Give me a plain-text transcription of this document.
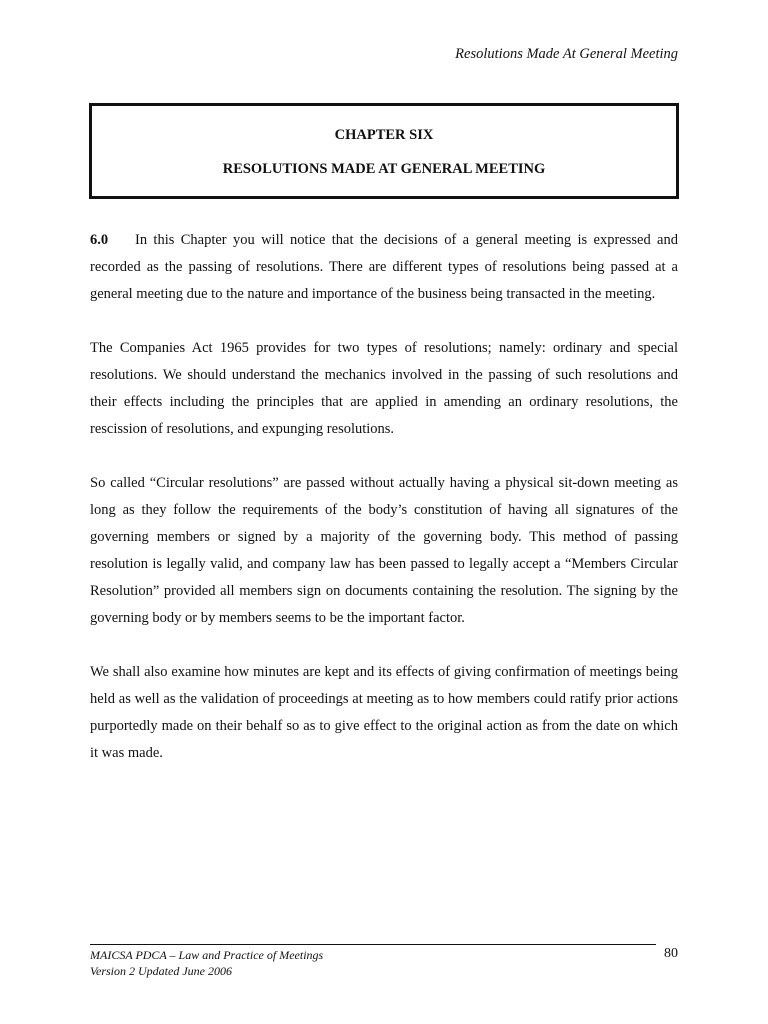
Resolutions Made At General Meeting
CHAPTER SIX
RESOLUTIONS MADE AT GENERAL MEETING

6.0 In this Chapter you will notice that the decisions of a general meeting is expressed and recorded as the passing of resolutions. There are different types of resolutions being passed at a general meeting due to the nature and importance of the business being transacted in the meeting.

The Companies Act 1965 provides for two types of resolutions; namely: ordinary and special resolutions. We should understand the mechanics involved in the passing of such resolutions and their effects including the principles that are applied in amending an ordinary resolutions, the rescission of resolutions, and expunging resolutions.

So called “Circular resolutions” are passed without actually having a physical sit-down meeting as long as they follow the requirements of the body’s constitution of having all signatures of the governing members or signed by a majority of the governing body. This method of passing resolution is legally valid, and company law has been passed to legally accept a “Members Circular Resolution” provided all members sign on documents containing the resolution. The signing by the governing body or by members seems to be the important factor.

We shall also examine how minutes are kept and its effects of giving confirmation of meetings being held as well as the validation of proceedings at meeting as to how members could ratify prior actions purportedly made on their behalf so as to give effect to the original action as from the date on which it was made.

MAICSA PDCA – Law and Practice of Meetings
Version 2 Updated June 2006
80
